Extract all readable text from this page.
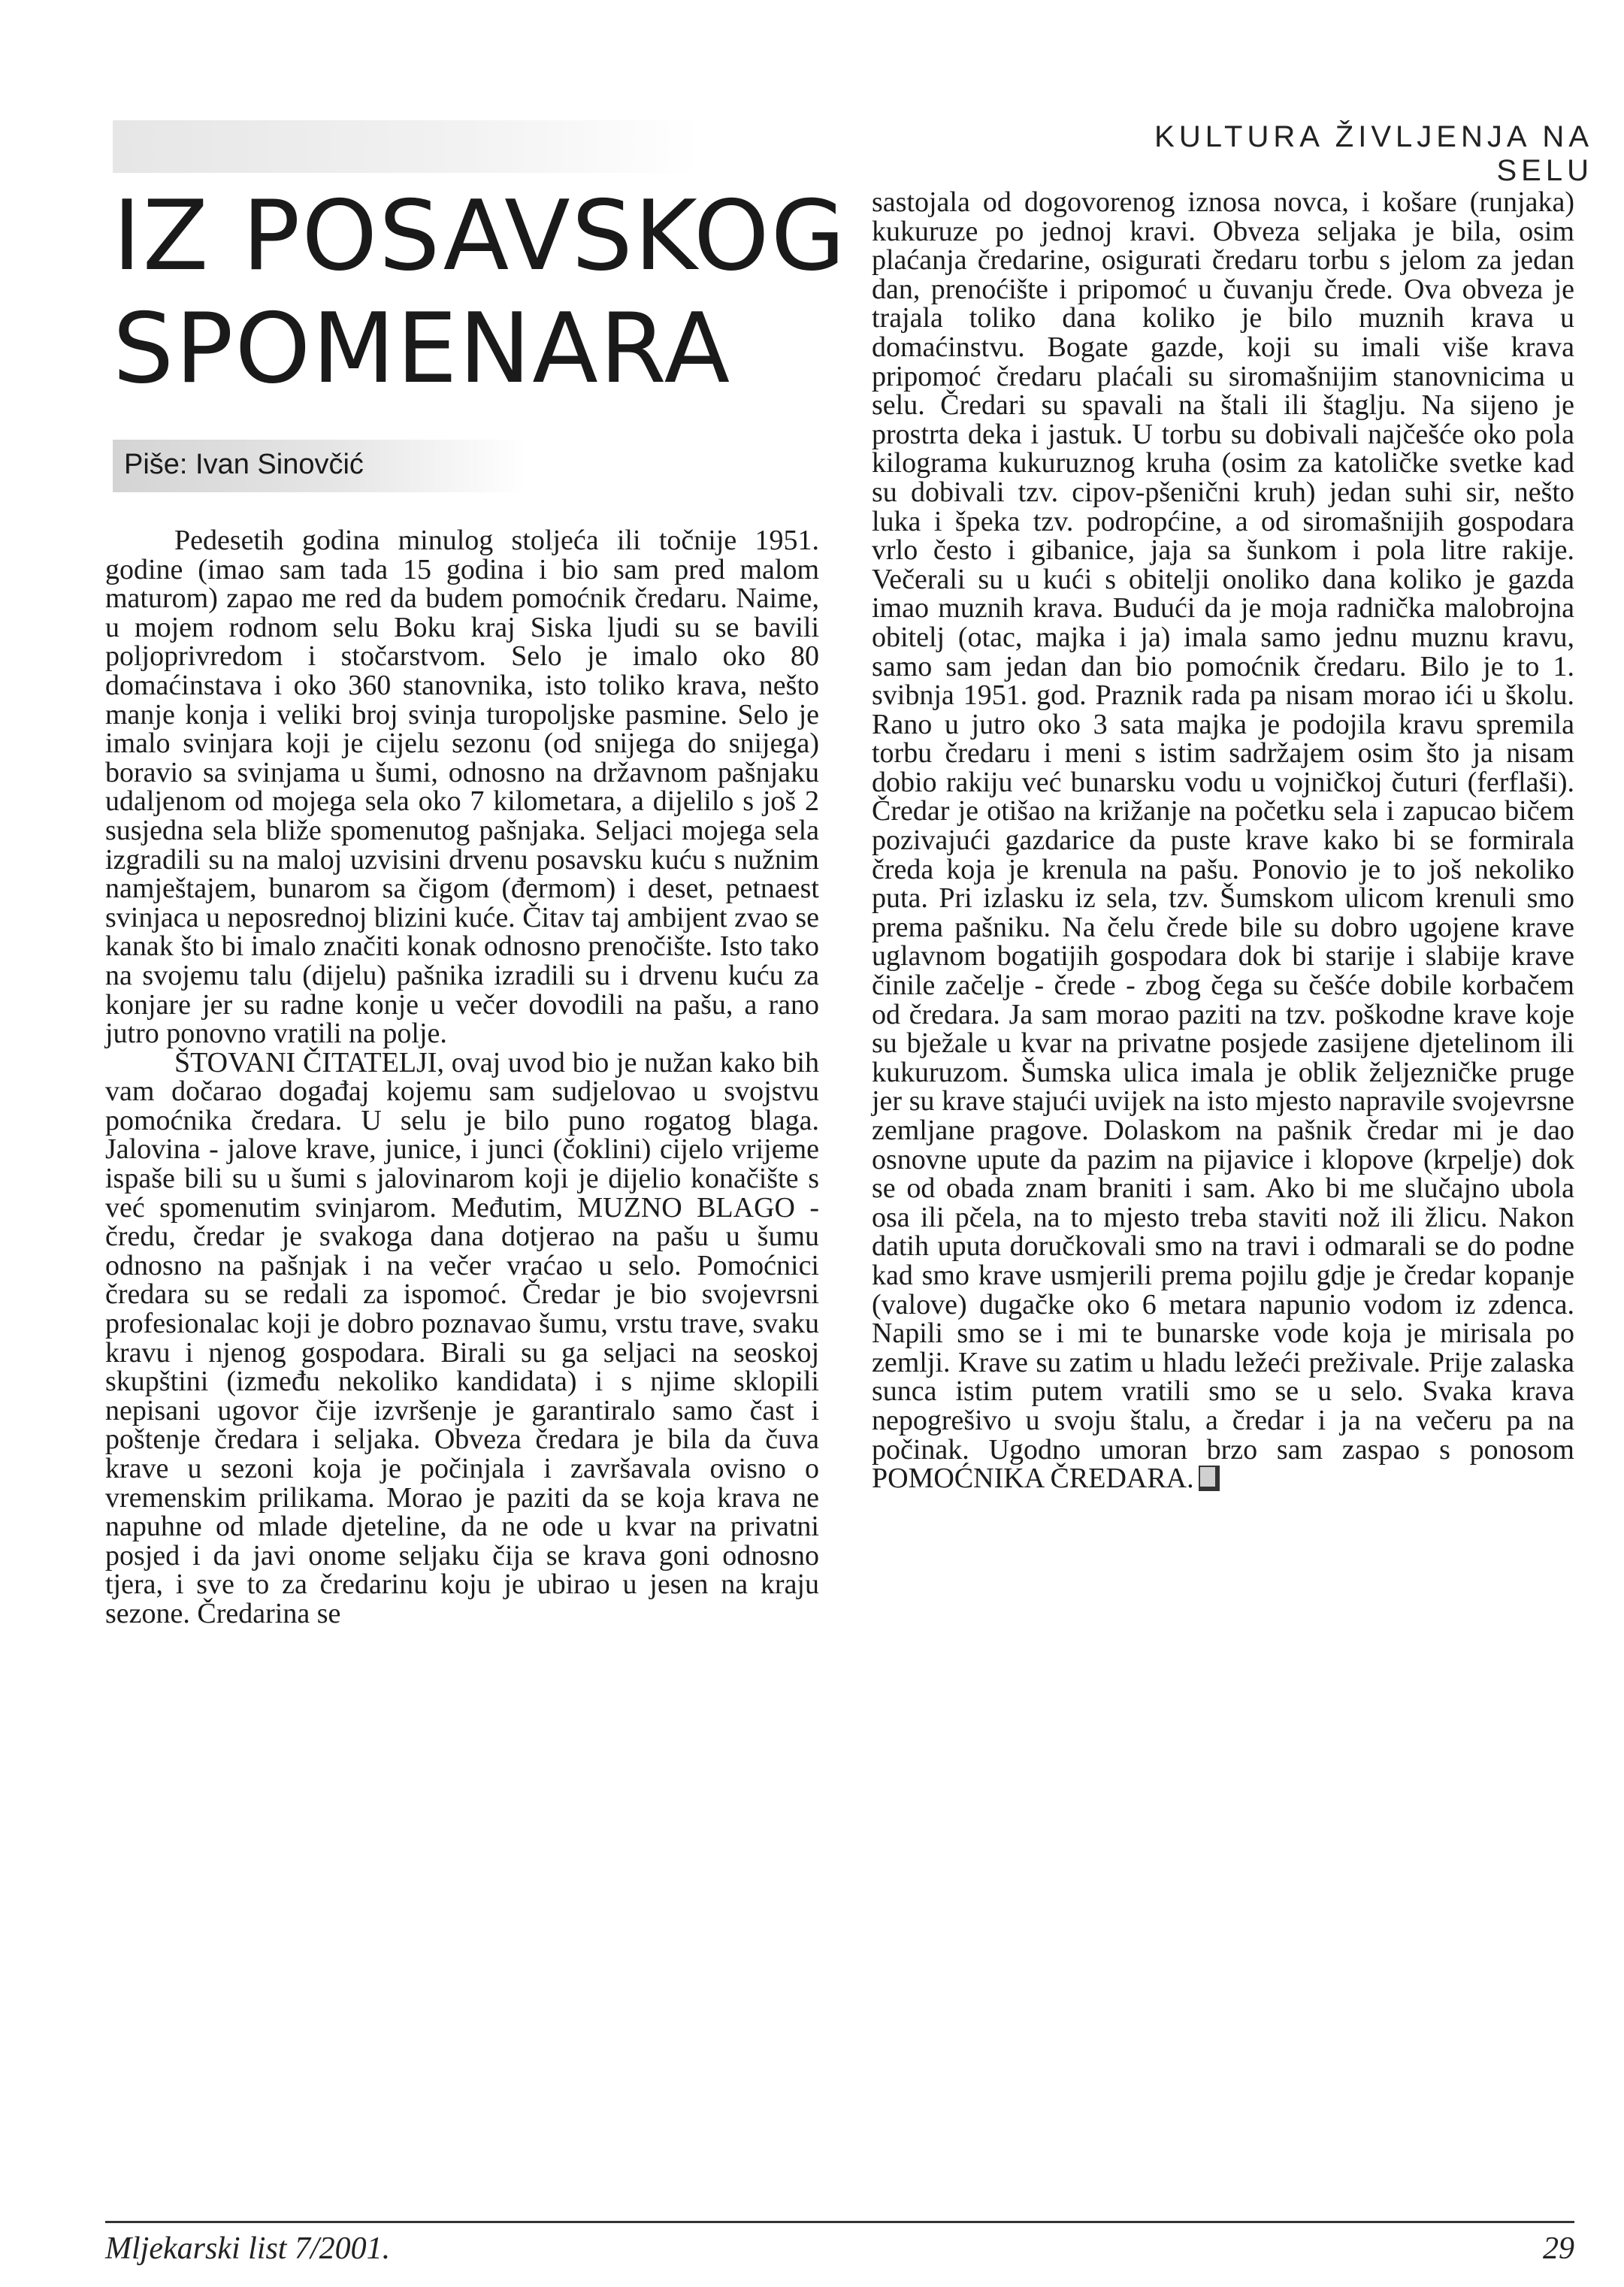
KULTURA ŽIVLJENJA NA SELU
IZ POSAVSKOG
SPOMENARA
Piše: Ivan Sinovčić

Pedesetih godina minulog stoljeća ili točnije 1951. godine (imao sam tada 15 godina i bio sam pred malom maturom) zapao me red da budem pomoćnik čredaru. Naime, u mojem rodnom selu Boku kraj Siska ljudi su se bavili poljoprivredom i stočarstvom. Selo je imalo oko 80 domaćinstava i oko 360 stanovnika, isto toliko krava, nešto manje konja i veliki broj svinja turopoljske pasmine. Selo je imalo svinjara koji je cijelu sezonu (od snijega do snijega) boravio sa svinjama u šumi, odnosno na državnom pašnjaku udaljenom od mojega sela oko 7 kilometara, a dijelilo s još 2 susjedna sela bliže spomenutog pašnjaka. Seljaci mojega sela izgradili su na maloj uzvisini drvenu posavsku kuću s nužnim namještajem, bunarom sa čigom (đermom) i deset, petnaest svinjaca u neposrednoj blizini kuće. Čitav taj ambijent zvao se kanak što bi imalo značiti konak odnosno prenočište. Isto tako na svojemu talu (dijelu) pašnika izradili su i drvenu kuću za konjare jer su radne konje u večer dovodili na pašu, a rano jutro ponovno vratili na polje.

ŠTOVANI ČITATELJI, ovaj uvod bio je nužan kako bih vam dočarao događaj kojemu sam sudjelovao u svojstvu pomoćnika čredara. U selu je bilo puno rogatog blaga. Jalovina - jalove krave, junice, i junci (čoklini) cijelo vrijeme ispaše bili su u šumi s jalovinarom koji je dijelio konačište s već spomenutim svinjarom. Međutim, MUZNO BLAGO - čredu, čredar je svakoga dana dotjerao na pašu u šumu odnosno na pašnjak i na večer vraćao u selo. Pomoćnici čredara su se redali za ispomoć. Čredar je bio svojevrsni profesionalac koji je dobro poznavao šumu, vrstu trave, svaku kravu i njenog gospodara. Birali su ga seljaci na seoskoj skupštini (između nekoliko kandidata) i s njime sklopili nepisani ugovor čije izvršenje je garantiralo samo čast i poštenje čredara i seljaka. Obveza čredara je bila da čuva krave u sezoni koja je počinjala i završavala ovisno o vremenskim prilikama. Morao je paziti da se koja krava ne napuhne od mlade djeteline, da ne ode u kvar na privatni posjed i da javi onome seljaku čija se krava goni odnosno tjera, i sve to za čredarinu koju je ubirao u jesen na kraju sezone. Čredarina se

sastojala od dogovorenog iznosa novca, i košare (runjaka) kukuruze po jednoj kravi. Obveza seljaka je bila, osim plaćanja čredarine, osigurati čredaru torbu s jelom za jedan dan, prenoćište i pripomoć u čuvanju črede. Ova obveza je trajala toliko dana koliko je bilo muznih krava u domaćinstvu. Bogate gazde, koji su imali više krava pripomoć čredaru plaćali su siromašnijim stanovnicima u selu. Čredari su spavali na štali ili štaglju. Na sijeno je prostrta deka i jastuk. U torbu su dobivali najčešće oko pola kilograma kukuruznog kruha (osim za katoličke svetke kad su dobivali tzv. cipov-pšenični kruh) jedan suhi sir, nešto luka i špeka tzv. podropćine, a od siromašnijih gospodara vrlo često i gibanice, jaja sa šunkom i pola litre rakije. Večerali su u kući s obitelji onoliko dana koliko je gazda imao muznih krava. Budući da je moja radnička malobrojna obitelj (otac, majka i ja) imala samo jednu muznu kravu, samo sam jedan dan bio pomoćnik čredaru. Bilo je to 1. svibnja 1951. god. Praznik rada pa nisam morao ići u školu. Rano u jutro oko 3 sata majka je podojila kravu spremila torbu čredaru i meni s istim sadržajem osim što ja nisam dobio rakiju već bunarsku vodu u vojničkoj čuturi (ferflaši). Čredar je otišao na križanje na početku sela i zapucao bičem pozivajući gazdarice da puste krave kako bi se formirala čreda koja je krenula na pašu. Ponovio je to još nekoliko puta. Pri izlasku iz sela, tzv. Šumskom ulicom krenuli smo prema pašniku. Na čelu črede bile su dobro ugojene krave uglavnom bogatijih gospodara dok bi starije i slabije krave činile začelje - črede - zbog čega su češće dobile korbačem od čredara. Ja sam morao paziti na tzv. poškodne krave koje su bježale u kvar na privatne posjede zasijene djetelinom ili kukuruzom. Šumska ulica imala je oblik željezničke pruge jer su krave stajući uvijek na isto mjesto napravile svojevrsne zemljane pragove. Dolaskom na pašnik čredar mi je dao osnovne upute da pazim na pijavice i klopove (krpelje) dok se od obada znam braniti i sam. Ako bi me slučajno ubola osa ili pčela, na to mjesto treba staviti nož ili žlicu. Nakon datih uputa doručkovali smo na travi i odmarali se do podne kad smo krave usmjerili prema pojilu gdje je čredar kopanje (valove) dugačke oko 6 metara napunio vodom iz zdenca. Napili smo se i mi te bunarske vode koja je mirisala po zemlji. Krave su zatim u hladu ležeći preživale. Prije zalaska sunca istim putem vratili smo se u selo. Svaka krava nepogrešivo u svoju štalu, a čredar i ja na večeru pa na počinak. Ugodno umoran brzo sam zaspao s ponosom POMOĆNIKA ČREDARA.

Mljekarski list 7/2001.	29
